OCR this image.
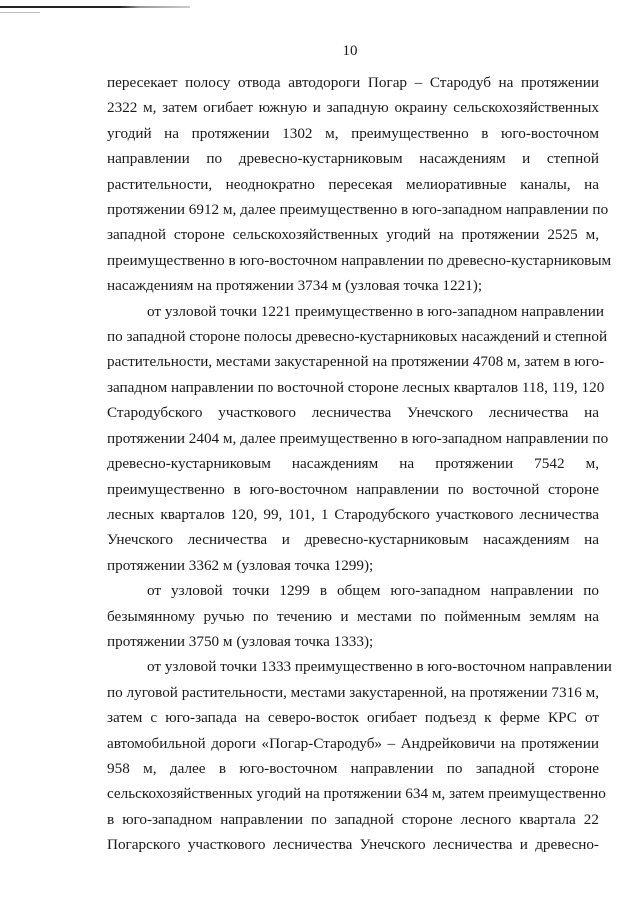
10

пересекает полосу отвода автодороги Погар – Стародуб на протяжении
2322 м, затем огибает южную и западную окраину сельскохозяйственных
угодий на протяжении 1302 м, преимущественно в юго-восточном
направлении по древесно-кустарниковым насаждениям и степной
растительности, неоднократно пересекая мелиоративные каналы, на
протяжении 6912 м, далее преимущественно в юго-западном направлении по
западной стороне сельскохозяйственных угодий на протяжении 2525 м,
преимущественно в юго-восточном направлении по древесно-кустарниковым
насаждениям на протяжении 3734 м (узловая точка 1221);

от узловой точки 1221 преимущественно в юго-западном направлении
по западной стороне полосы древесно-кустарниковых насаждений и степной
растительности, местами закустаренной на протяжении 4708 м, затем в юго-
западном направлении по восточной стороне лесных кварталов 118, 119, 120
Стародубского участкового лесничества Унечского лесничества на
протяжении 2404 м, далее преимущественно в юго-западном направлении по
древесно-кустарниковым насаждениям на протяжении 7542 м,
преимущественно в юго-восточном направлении по восточной стороне
лесных кварталов 120, 99, 101, 1 Стародубского участкового лесничества
Унечского лесничества и древесно-кустарниковым насаждениям на
протяжении 3362 м (узловая точка 1299);

от узловой точки 1299 в общем юго-западном направлении по
безымянному ручью по течению и местами по пойменным землям на
протяжении 3750 м (узловая точка 1333);

от узловой точки 1333 преимущественно в юго-восточном направлении
по луговой растительности, местами закустаренной, на протяжении 7316 м,
затем с юго-запада на северо-восток огибает подъезд к ферме КРС от
автомобильной дороги «Погар-Стародуб» – Андрейковичи на протяжении
958 м, далее в юго-восточном направлении по западной стороне
сельскохозяйственных угодий на протяжении 634 м, затем преимущественно
в юго-западном направлении по западной стороне лесного квартала 22
Погарского участкового лесничества Унечского лесничества и древесно-
